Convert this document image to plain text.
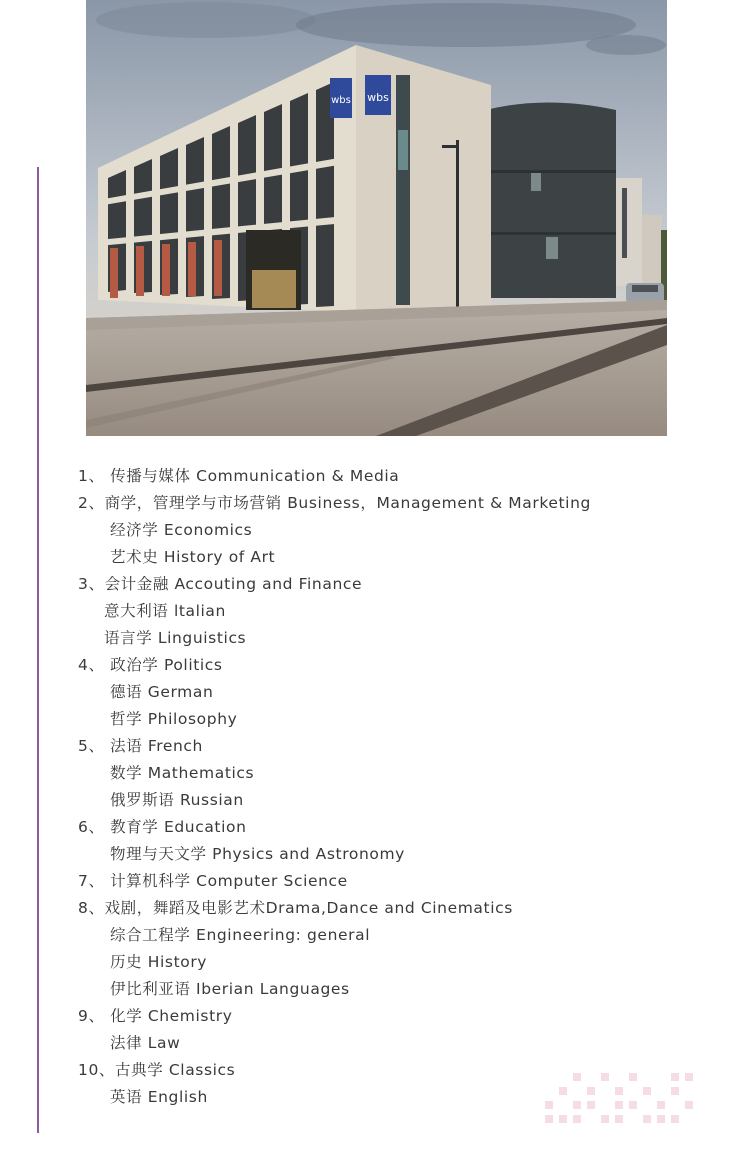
wbs wbs
1、 传播与媒体 Communication & Media
2、商学，管理学与市场营销 Business，Management & Marketing
经济学 Economics
艺术史 History of Art
3、会计金融 Accouting and Finance
意大利语 ltalian
语言学 Linguistics
4、 政治学 Politics
德语 German
哲学 Philosophy
5、 法语 French
数学 Mathematics
俄罗斯语 Russian
6、 教育学 Education
物理与天文学 Physics and Astronomy
7、 计算机科学 Computer Science
8、戏剧，舞蹈及电影艺术Drama,Dance and Cinematics
综合工程学 Engineering: general
历史 History
伊比利亚语 Iberian Languages
9、 化学 Chemistry
法律 Law
10、古典学 Classics
英语 English
